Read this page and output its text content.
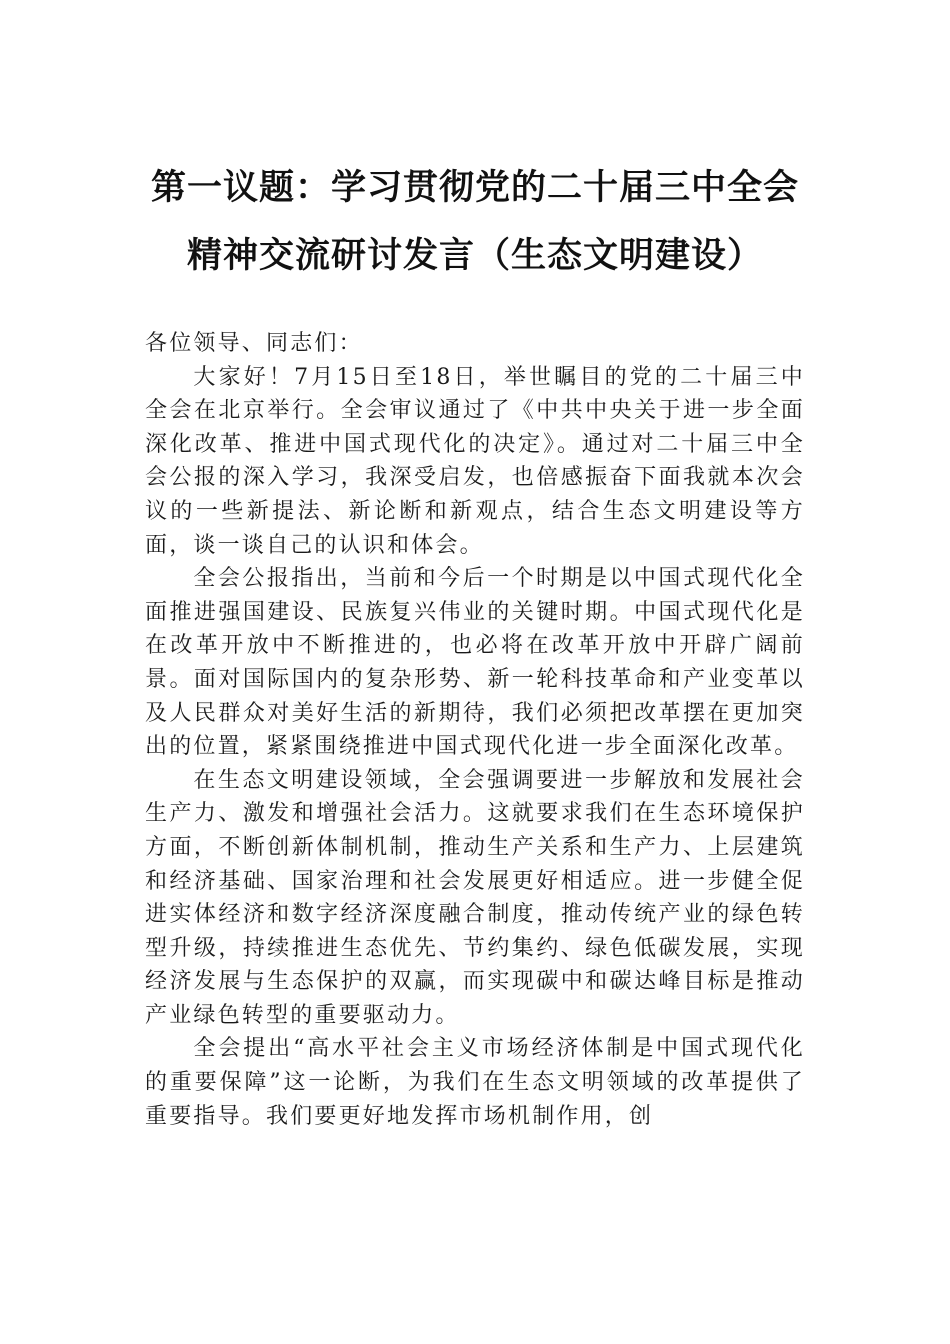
第一议题：学习贯彻党的二十届三中全会
精神交流研讨发言（生态文明建设）

各位领导、同志们：

大家好！7月15日至18日，举世瞩目的党的二十届三中全会在北京举行。全会审议通过了《中共中央关于进一步全面深化改革、推进中国式现代化的决定》。通过对二十届三中全会公报的深入学习，我深受启发，也倍感振奋下面我就本次会议的一些新提法、新论断和新观点，结合生态文明建设等方面，谈一谈自己的认识和体会。

全会公报指出，当前和今后一个时期是以中国式现代化全面推进强国建设、民族复兴伟业的关键时期。中国式现代化是在改革开放中不断推进的，也必将在改革开放中开辟广阔前景。面对国际国内的复杂形势、新一轮科技革命和产业变革以及人民群众对美好生活的新期待，我们必须把改革摆在更加突出的位置，紧紧围绕推进中国式现代化进一步全面深化改革。

在生态文明建设领域，全会强调要进一步解放和发展社会生产力、激发和增强社会活力。这就要求我们在生态环境保护方面，不断创新体制机制，推动生产关系和生产力、上层建筑和经济基础、国家治理和社会发展更好相适应。进一步健全促进实体经济和数字经济深度融合制度，推动传统产业的绿色转型升级，持续推进生态优先、节约集约、绿色低碳发展，实现经济发展与生态保护的双赢，而实现碳中和碳达峰目标是推动产业绿色转型的重要驱动力。

全会提出“高水平社会主义市场经济体制是中国式现代化的重要保障”这一论断，为我们在生态文明领域的改革提供了重要指导。我们要更好地发挥市场机制作用，创
